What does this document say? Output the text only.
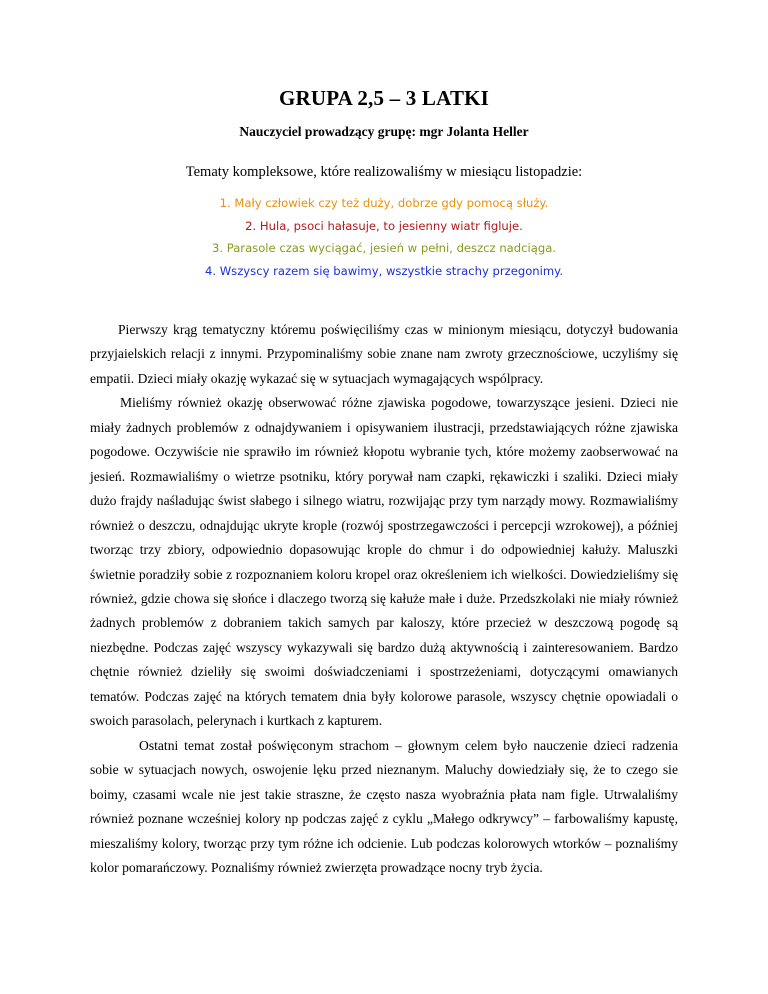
GRUPA 2,5 – 3 LATKI
Nauczyciel prowadzący grupę: mgr Jolanta Heller
Tematy kompleksowe, które realizowaliśmy w miesiącu listopadzie:
1. Mały człowiek czy też duży, dobrze gdy pomocą służy.
2. Hula, psoci hałasuje, to jesienny wiatr figluje.
3. Parasole czas wyciągać, jesień w pełni, deszcz nadciąga.
4. Wszyscy razem się bawimy, wszystkie strachy przegonimy.

Pierwszy krąg tematyczny któremu poświęciliśmy czas w minionym miesiącu, dotyczył budowania przyjaielskich relacji z innymi. Przypominaliśmy sobie znane nam zwroty grzecznościowe, uczyliśmy się empatii. Dzieci miały okazję wykazać się w sytuacjach wymagających wspólpracy.

Mieliśmy również okazję obserwować różne zjawiska pogodowe, towarzyszące jesieni. Dzieci nie miały żadnych problemów z odnajdywaniem i opisywaniem ilustracji, przedstawiających różne zjawiska pogodowe. Oczywiście nie sprawiło im również kłopotu wybranie tych, które możemy zaobserwować na jesień. Rozmawialiśmy o wietrze psotniku, który porywał nam czapki, rękawiczki i szaliki. Dzieci miały dużo frajdy naśladując świst słabego i silnego wiatru, rozwijając przy tym narządy mowy. Rozmawialiśmy również o deszczu, odnajdując ukryte krople (rozwój spostrzegawczości i percepcji wzrokowej), a później tworząc trzy zbiory, odpowiednio dopasowując krople do chmur i do odpowiedniej kałuży. Maluszki świetnie poradziły sobie z rozpoznaniem koloru kropel oraz określeniem ich wielkości. Dowiedzieliśmy się również, gdzie chowa się słońce i dlaczego tworzą się kałuże małe i duże. Przedszkolaki nie miały również żadnych problemów z dobraniem takich samych par kaloszy, które przecież w deszczową pogodę są niezbędne. Podczas zajęć wszyscy wykazywali się bardzo dużą aktywnością i zainteresowaniem. Bardzo chętnie również dzieliły się swoimi doświadczeniami i spostrzeżeniami, dotyczącymi omawianych tematów. Podczas zajęć na których tematem dnia były kolorowe parasole, wszyscy chętnie opowiadali o swoich parasolach, pelerynach i kurtkach z kapturem.

Ostatni temat został poświęconym strachom – głownym celem było nauczenie dzieci radzenia sobie w sytuacjach nowych, oswojenie lęku przed nieznanym. Maluchy dowiedziały się, że to czego sie boimy, czasami wcale nie jest takie straszne, że często nasza wyobraźnia płata nam figle. Utrwalaliśmy również poznane wcześniej kolory np podczas zajęć z cyklu „Małego odkrywcy” – farbowaliśmy kapustę, mieszaliśmy kolory, tworząc przy tym różne ich odcienie. Lub podczas kolorowych wtorków – poznaliśmy kolor pomarańczowy. Poznaliśmy również zwierzęta prowadzące nocny tryb życia.
